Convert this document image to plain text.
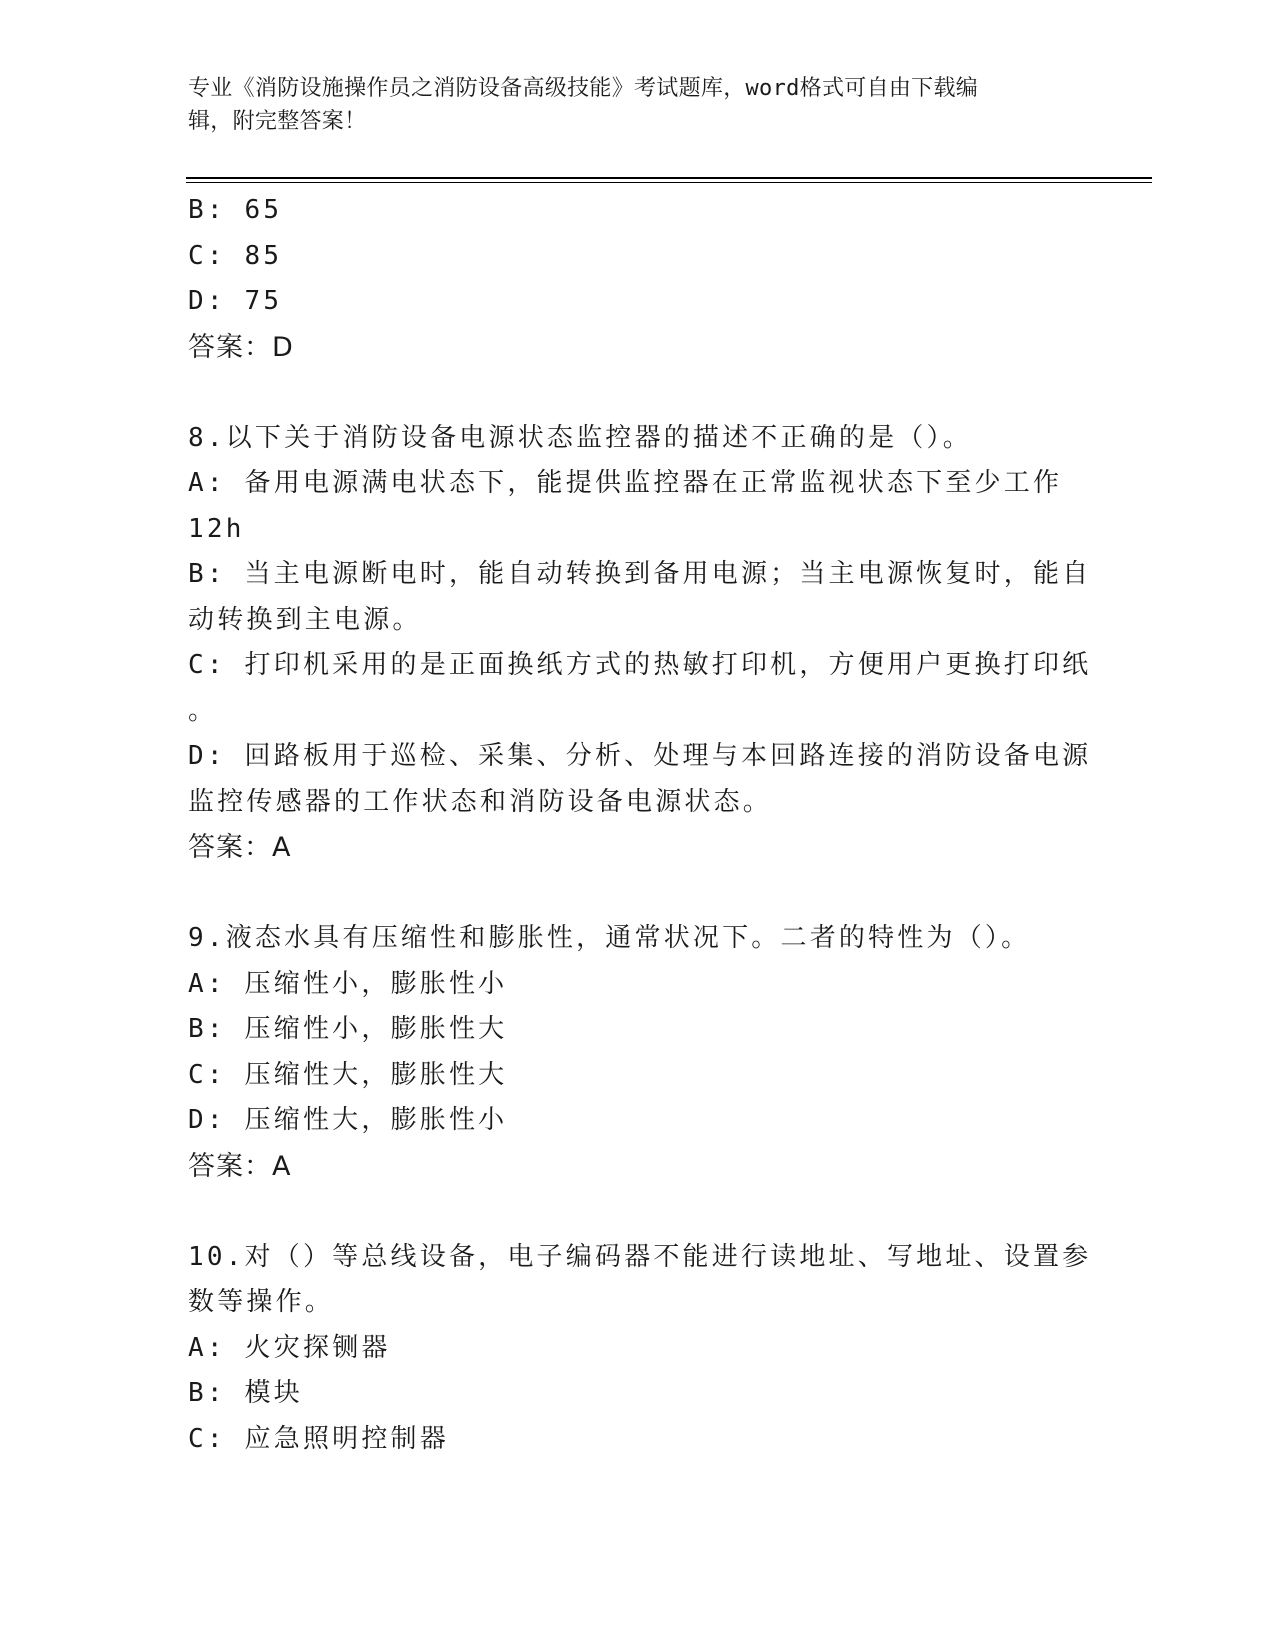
专业《消防设施操作员之消防设备高级技能》考试题库，word格式可自由下载编
辑，附完整答案！
B: 65
C: 85
D: 75
答案：D
8.以下关于消防设备电源状态监控器的描述不正确的是（）。
A: 备用电源满电状态下，能提供监控器在正常监视状态下至少工作
12h
B: 当主电源断电时，能自动转换到备用电源；当主电源恢复时，能自
动转换到主电源。
C: 打印机采用的是正面换纸方式的热敏打印机，方便用户更换打印纸
。
D: 回路板用于巡检、采集、分析、处理与本回路连接的消防设备电源
监控传感器的工作状态和消防设备电源状态。
答案：A
9.液态水具有压缩性和膨胀性，通常状况下。二者的特性为（）。
A: 压缩性小，膨胀性小
B: 压缩性小，膨胀性大
C: 压缩性大，膨胀性大
D: 压缩性大，膨胀性小
答案：A
10.对（）等总线设备，电子编码器不能进行读地址、写地址、设置参
数等操作。
A: 火灾探铡器
B: 模块
C: 应急照明控制器
